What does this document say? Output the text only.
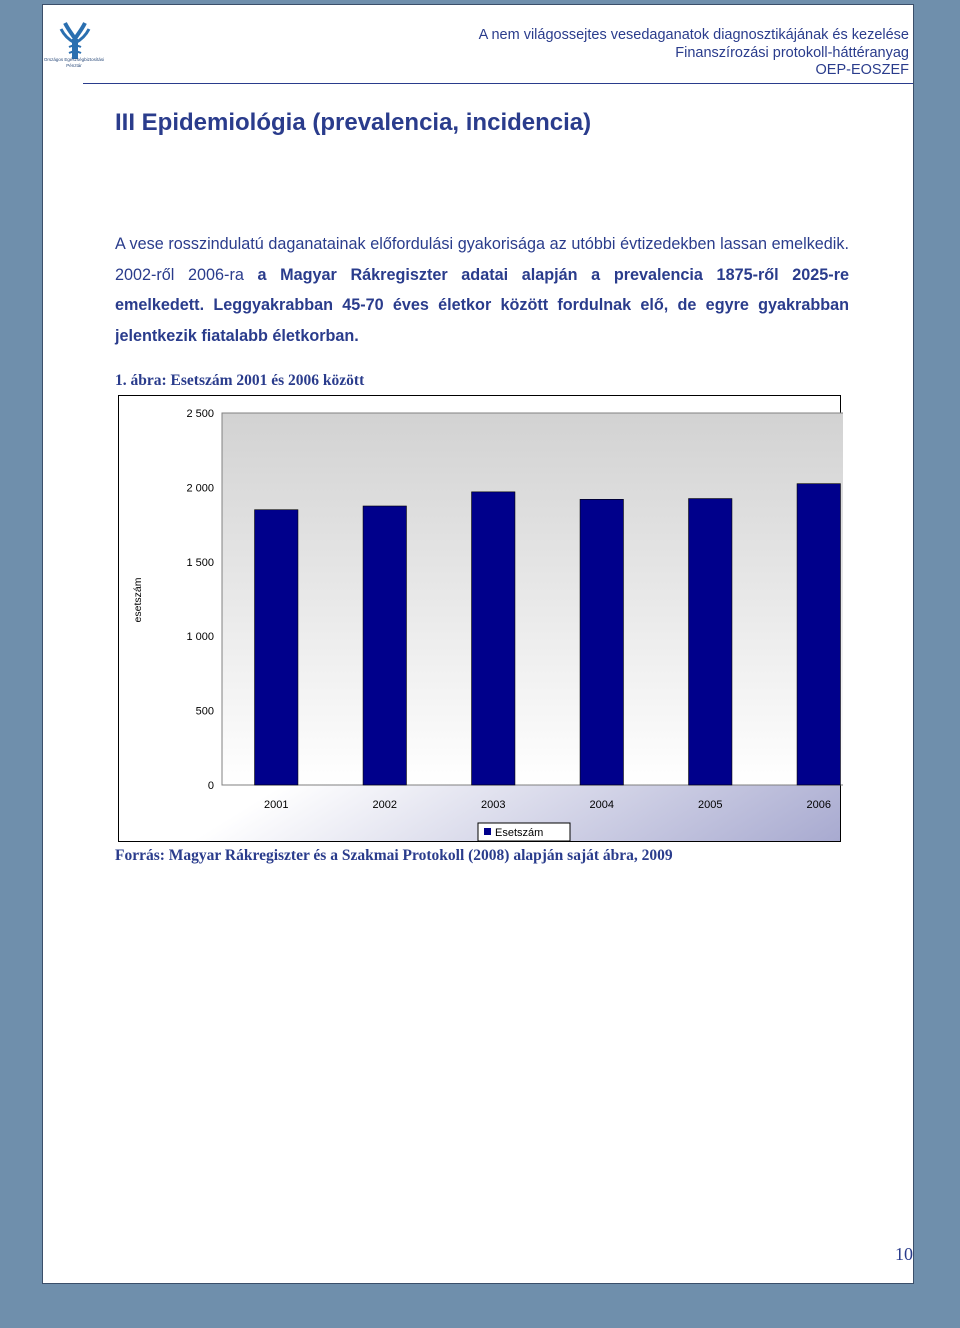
Országos Egészségbiztosítási Pénztár
A nem világossejtes vesedaganatok diagnosztikájának és kezelése
Finanszírozási protokoll-háttéranyag
OEP-EOSZEF
III Epidemiológia (prevalencia, incidencia)
A vese rosszindulatú daganatainak előfordulási gyakorisága az utóbbi évtizedekben lassan emelkedik. 2002-ről 2006-ra a Magyar Rákregiszter adatai alapján a prevalencia 1875-ről 2025-re emelkedett. Leggyakrabban 45-70 éves életkor között fordulnak elő, de egyre gyakrabban jelentkezik fiatalabb életkorban.
1. ábra: Esetszám 2001 és 2006 között
0
500
1 000
1 500
2 000
2 500
2001	2002	2003	2004	2005	2006
esetszám
Esetszám
Forrás: Magyar Rákregiszter és a Szakmai Protokoll (2008) alapján saját ábra, 2009
10
